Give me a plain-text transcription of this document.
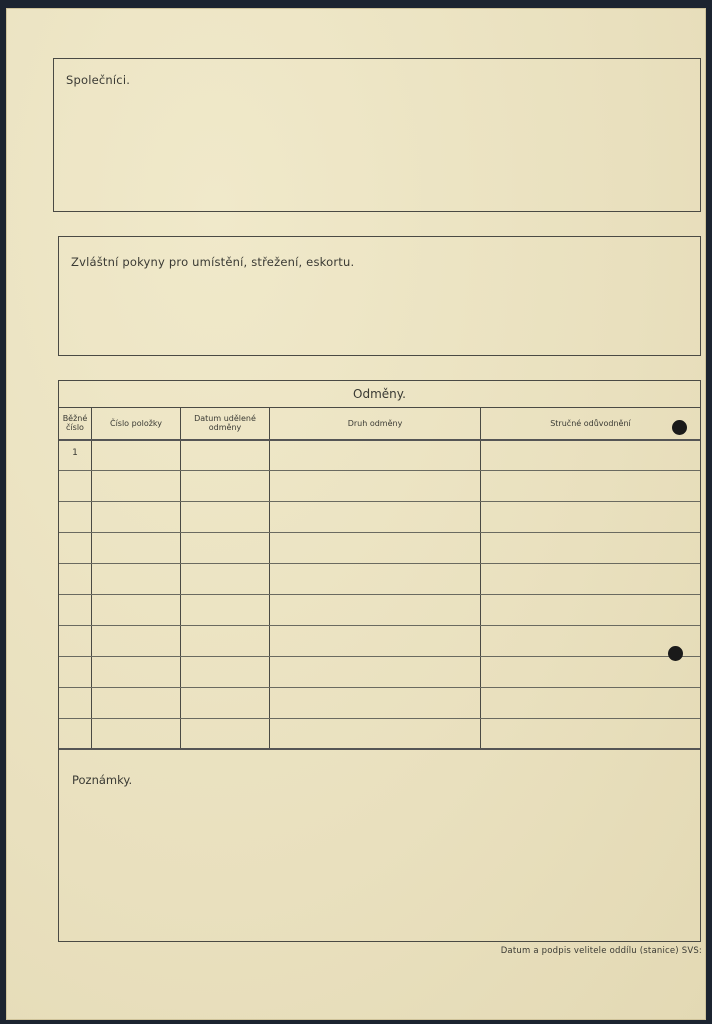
Společníci.
Zvláštní pokyny pro umístění, střežení, eskortu.
Odměny.
Běžné číslo	Číslo položky	Datum udělené odměny	Druh odměny	Stručné odůvodnění
1
Poznámky.
Datum a podpis velitele oddílu (stanice) SVS:
